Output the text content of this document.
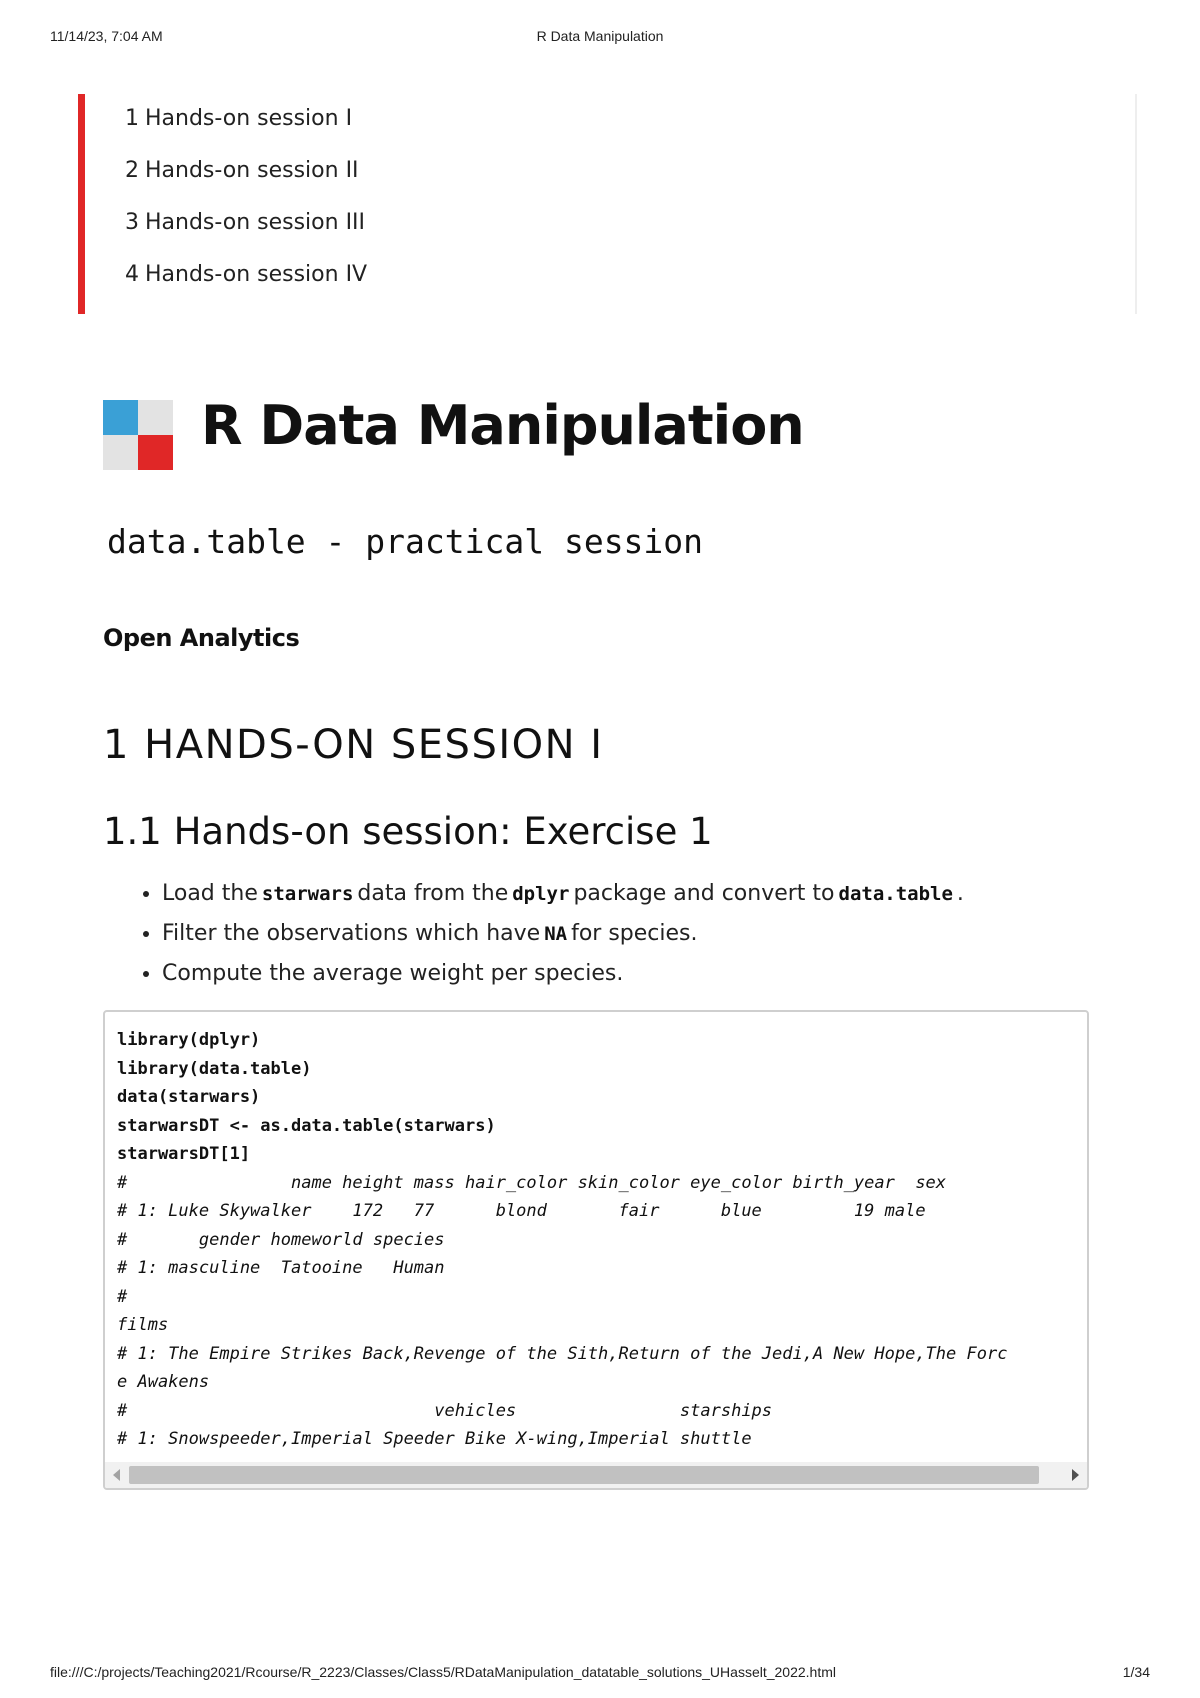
11/14/23, 7:04 AM	R Data Manipulation
1 Hands-on session I
2 Hands-on session II
3 Hands-on session III
4 Hands-on session IV
R Data Manipulation
data.table - practical session
Open Analytics
1 HANDS-ON SESSION I
1.1 Hands-on session: Exercise 1
• Load the starwars data from the dplyr package and convert to data.table .
• Filter the observations which have NA for species.
• Compute the average weight per species.
library(dplyr)
library(data.table)
data(starwars)
starwarsDT <- as.data.table(starwars)
starwarsDT[1]
#                name height mass hair_color skin_color eye_color birth_year  sex
# 1: Luke Skywalker    172   77      blond       fair      blue         19 male
#       gender homeworld species
# 1: masculine  Tatooine   Human
#
films
# 1: The Empire Strikes Back,Revenge of the Sith,Return of the Jedi,A New Hope,The Forc
e Awakens
#                              vehicles                starships
# 1: Snowspeeder,Imperial Speeder Bike X-wing,Imperial shuttle
file:///C:/projects/Teaching2021/Rcourse/R_2223/Classes/Class5/RDataManipulation_datatable_solutions_UHasselt_2022.html	1/34
